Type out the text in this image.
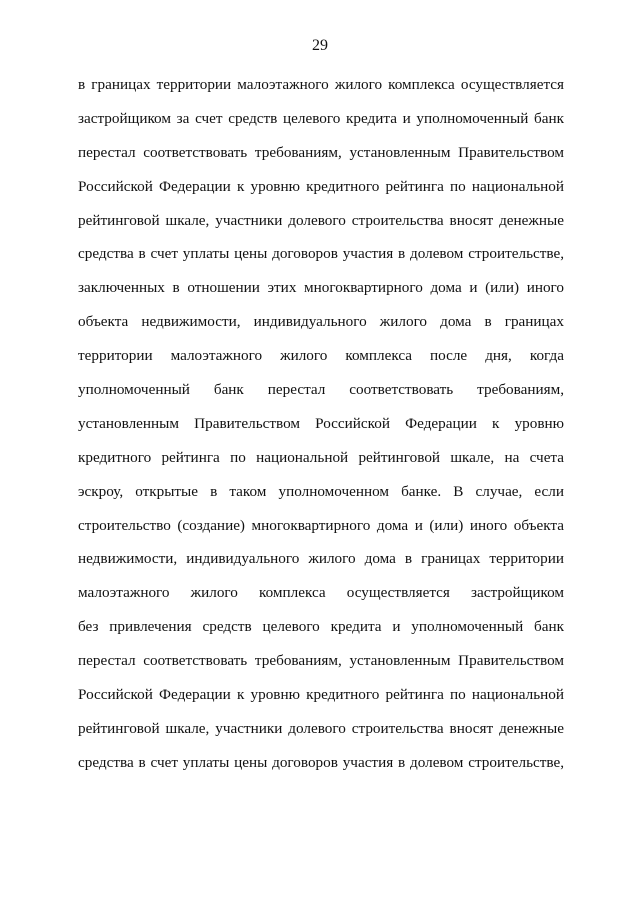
29
в границах территории малоэтажного жилого комплекса осуществляется
застройщиком за счет средств целевого кредита и уполномоченный банк
перестал соответствовать требованиям, установленным Правительством
Российской Федерации к уровню кредитного рейтинга по национальной
рейтинговой шкале, участники долевого строительства вносят денежные
средства в счет уплаты цены договоров участия в долевом строительстве,
заключенных в отношении этих многоквартирного дома и (или) иного
объекта недвижимости, индивидуального жилого дома в границах
территории малоэтажного жилого комплекса после дня, когда
уполномоченный банк перестал соответствовать требованиям,
установленным Правительством Российской Федерации к уровню
кредитного рейтинга по национальной рейтинговой шкале, на счета
эскроу, открытые в таком уполномоченном банке. В случае, если
строительство (создание) многоквартирного дома и (или) иного объекта
недвижимости, индивидуального жилого дома в границах территории
малоэтажного жилого комплекса осуществляется застройщиком
без привлечения средств целевого кредита и уполномоченный банк
перестал соответствовать требованиям, установленным Правительством
Российской Федерации к уровню кредитного рейтинга по национальной
рейтинговой шкале, участники долевого строительства вносят денежные
средства в счет уплаты цены договоров участия в долевом строительстве,
